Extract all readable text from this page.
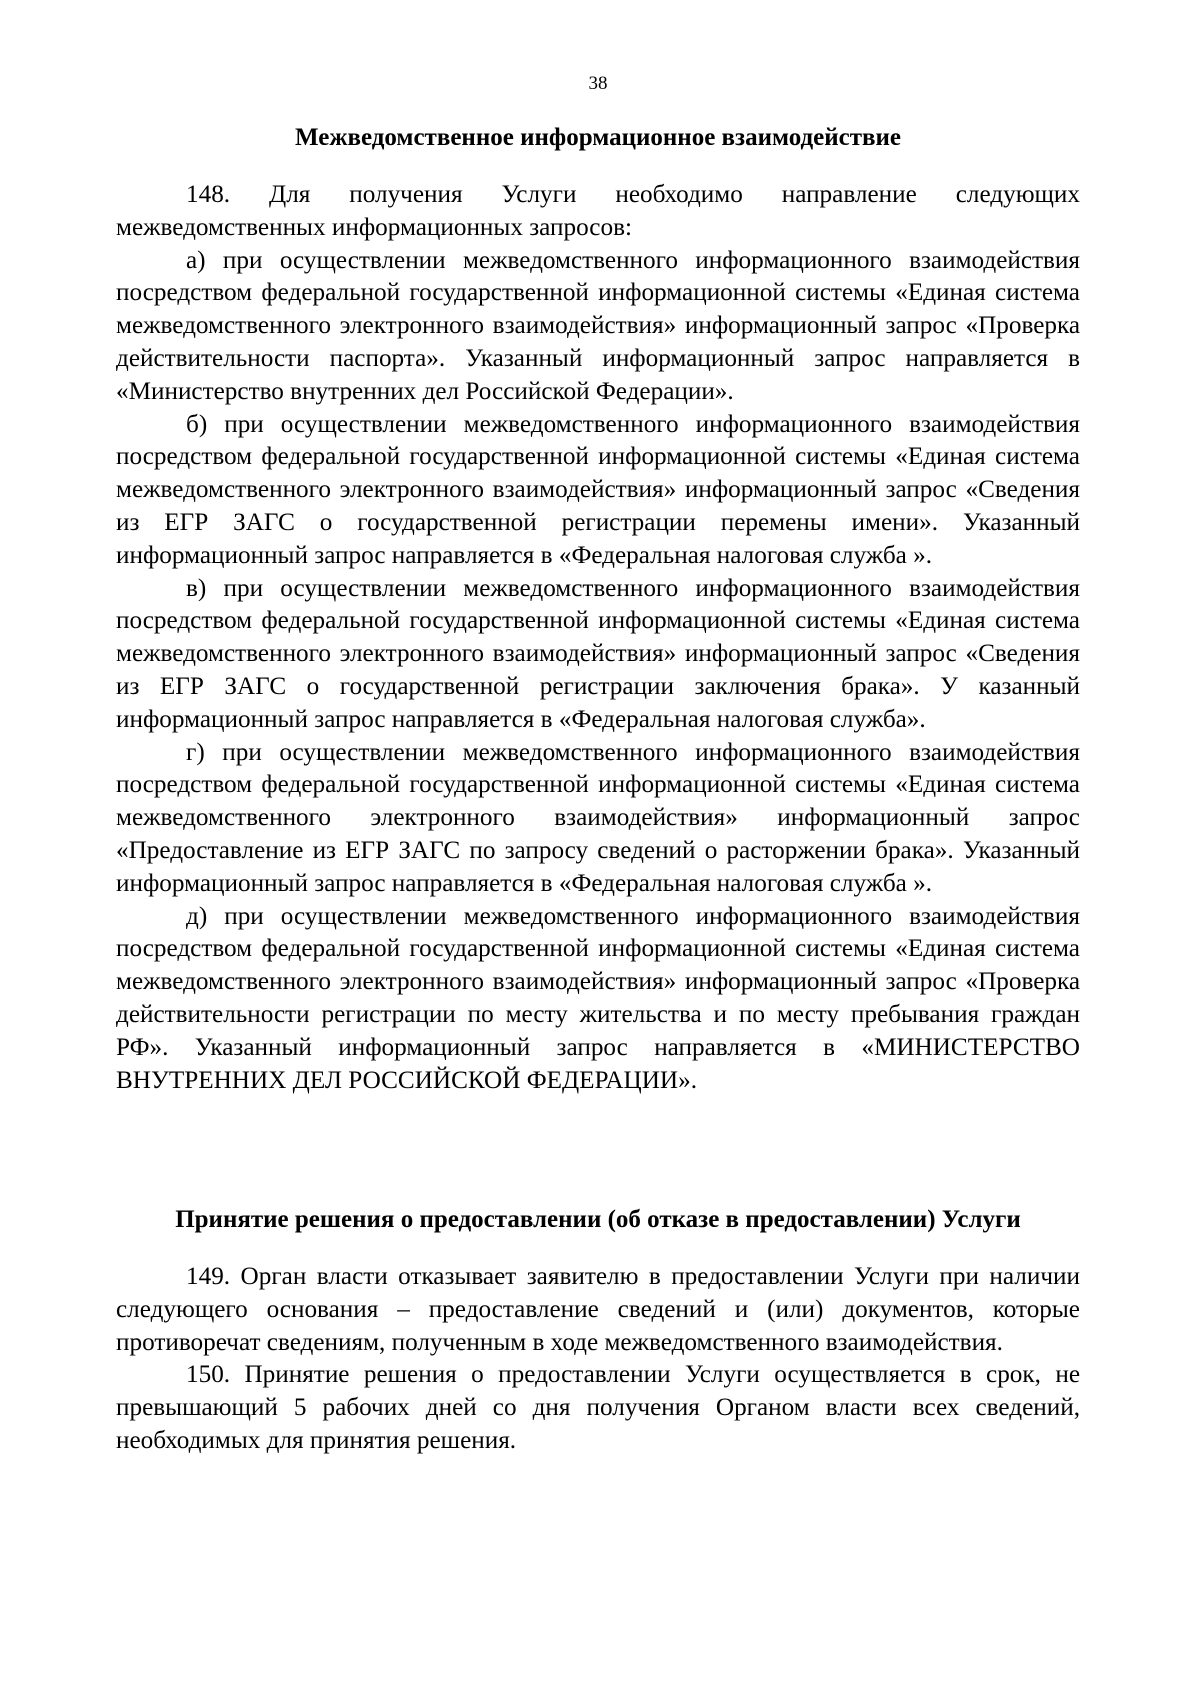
38
Межведомственное информационное взаимодействие

148. Для получения Услуги необходимо направление следующих межведомственных информационных запросов:

а) при осуществлении межведомственного информационного взаимодействия посредством федеральной государственной информационной системы «Единая система межведомственного электронного взаимодействия» информационный запрос «Проверка действительности паспорта». Указанный информационный запрос направляется в «Министерство внутренних дел Российской Федерации».

б) при осуществлении межведомственного информационного взаимодействия посредством федеральной государственной информационной системы «Единая система межведомственного электронного взаимодействия» информационный запрос «Сведения из ЕГР ЗАГС о государственной регистрации перемены имени». Указанный информационный запрос направляется в «Федеральная налоговая служба ».

в) при осуществлении межведомственного информационного взаимодействия посредством федеральной государственной информационной системы «Единая система межведомственного электронного взаимодействия» информационный запрос «Сведения из ЕГР ЗАГС о государственной регистрации заключения брака». У казанный информационный запрос направляется в «Федеральная налоговая служба».

г) при осуществлении межведомственного информационного взаимодействия посредством федеральной государственной информационной системы «Единая система межведомственного электронного взаимодействия» информационный запрос «Предоставление из ЕГР ЗАГС по запросу сведений о расторжении брака». Указанный информационный запрос направляется в «Федеральная налоговая служба ».

д) при осуществлении межведомственного информационного взаимодействия посредством федеральной государственной информационной системы «Единая система межведомственного электронного взаимодействия» информационный запрос «Проверка действительности регистрации по месту жительства и по месту пребывания граждан РФ». Указанный информационный запрос направляется в «МИНИСТЕРСТВО ВНУТРЕННИХ ДЕЛ РОССИЙСКОЙ ФЕДЕРАЦИИ».

Принятие решения о предоставлении (об отказе в предоставлении) Услуги

149. Орган власти отказывает заявителю в предоставлении Услуги при наличии следующего основания – предоставление сведений и (или) документов, которые противоречат сведениям, полученным в ходе межведомственного взаимодействия.

150. Принятие решения о предоставлении Услуги осуществляется в срок, не превышающий 5 рабочих дней со дня получения Органом власти всех сведений, необходимых для принятия решения.
